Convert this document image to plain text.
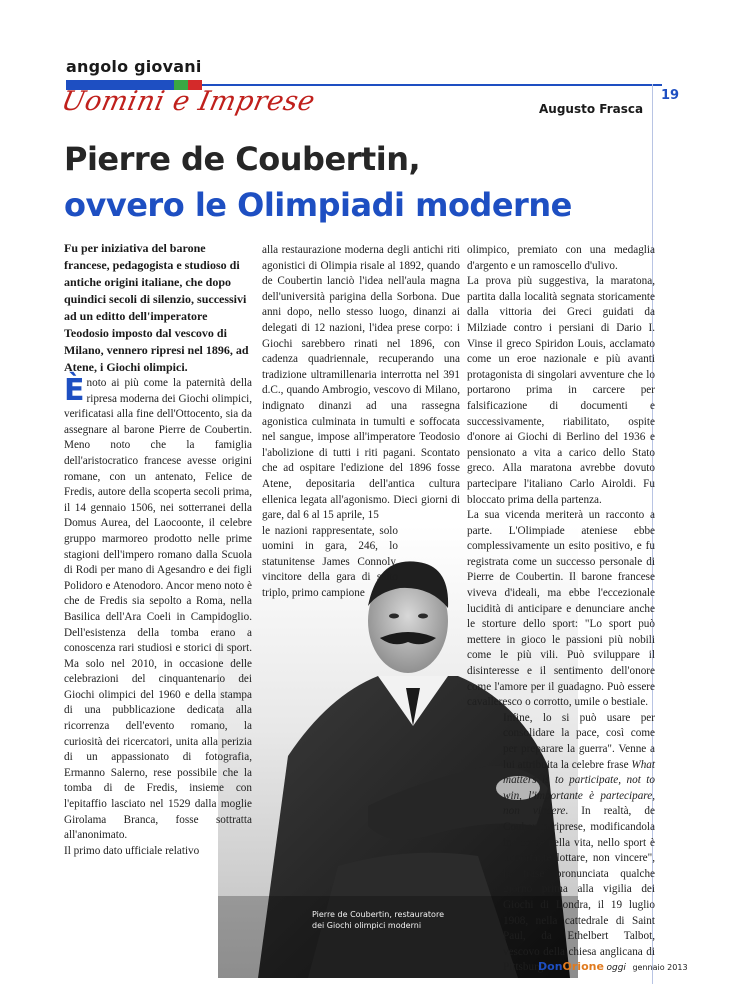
angolo giovani
Uomini e Imprese	Augusto Frasca
19
Pierre de Coubertin,
ovvero le Olimpiadi moderne
Pierre de Coubertin, restauratore dei Giochi olimpici moderni

Fu per iniziativa del barone francese, pedagogista e studioso di antiche origini italiane, che dopo quindici secoli di silenzio, successivi ad un editto dell'imperatore Teodosio imposto dal vescovo di Milano, vennero ripresi nel 1896, ad Atene, i Giochi olimpici.

Ènoto ai più come la paternità della ripresa moderna dei Giochi olimpici, verificatasi alla fine dell'Ottocento, sia da assegnare al barone Pierre de Coubertin. Meno noto che la famiglia dell'aristocratico francese avesse origini romane, con un antenato, Felice de Fredis, autore della scoperta secoli prima, il 14 gennaio 1506, nei sotterranei della Domus Aurea, del Laocoonte, il celebre gruppo marmoreo prodotto nelle prime stagioni dell'impero romano dalla Scuola di Rodi per mano di Agesandro e dei figli Polidoro e Atenodoro. Ancor meno noto è che de Fredis sia sepolto a Roma, nella Basilica dell'Ara Coeli in Campidoglio. Dell'esistenza della tomba erano a conoscenza rari studiosi e storici di sport. Ma solo nel 2010, in occasione delle celebrazioni del cinquantenario dei Giochi olimpici del 1960 e della stampa di una pubblicazione dedicata alla ricorrenza dell'evento romano, la curiosità dei ricercatori, unita alla perizia di un appassionato di fotografia, Ermanno Salerno, rese possibile che la tomba di de Fredis, insieme con l'epitaffio lasciato nel 1529 dalla moglie Girolama Branca, fosse sottratta all'anonimato.

Il primo dato ufficiale relativo

alla restaurazione moderna degli antichi riti agonistici di Olimpia risale al 1892, quando de Coubertin lanciò l'idea nell'aula magna dell'università parigina della Sorbona. Due anni dopo, nello stesso luogo, dinanzi ai delegati di 12 nazioni, l'idea prese corpo: i Giochi sarebbero rinati nel 1896, con cadenza quadriennale, recuperando una tradizione ultramillenaria interrotta nel 391 d.C., quando Ambrogio, vescovo di Milano, indignato dinanzi ad una rassegna agonistica culminata in tumulti e soffocata nel sangue, impose all'imperatore Teodosio l'abolizione di tutti i riti pagani. Scontato che ad ospitare l'edizione del 1896 fosse Atene, depositaria dell'antica cultura ellenica legata all'agonismo. Dieci giorni di gare, dal 6 al 15 aprile, 15

le nazioni rappresentate, solo uomini in gara, 246, lo statunitense James Connoly, vincitore della gara di salto triplo, primo campione

olimpico, premiato con una medaglia d'argento e un ramoscello d'ulivo.

La prova più suggestiva, la maratona, partita dalla località segnata storicamente dalla vittoria dei Greci guidati da Milziade contro i persiani di Dario I. Vinse il greco Spiridon Louis, acclamato come un eroe nazionale e più avanti protagonista di singolari avventure che lo portarono prima in carcere per falsificazione di documenti e successivamente, riabilitato, ospite d'onore ai Giochi di Berlino del 1936 e pensionato a vita a carico dello Stato greco. Alla maratona avrebbe dovuto partecipare l'italiano Carlo Airoldi. Fu bloccato prima della partenza.

La sua vicenda meriterà un racconto a parte. L'Olimpiade ateniese ebbe complessivamente un esito positivo, e fu registrata come un successo personale di Pierre de Coubertin. Il barone francese viveva d'ideali, ma ebbe l'eccezionale lucidità di anticipare e denunciare anche le storture dello sport: "Lo sport può mettere in gioco le passioni più nobili come le più vili. Può sviluppare il disinteresse e il sentimento dell'onore come l'amore per il guadagno. Può essere cavalleresco o corrotto, umile o bestiale.

Infine, lo si può usare per consolidare la pace, così come per preparare la guerra". Venne a lui attribuita la celebre frase What matters is to participate, not to win, l'importante è partecipare, non vincere. In realtà, de Coubertin riprese, modificandola in "come nella vita, nello sport è importante lottare, non vincere", la frase pronunciata qualche giorno prima alla vigilia dei Giochi di Londra, il 19 luglio 1908, nella cattedrale di Saint Paul, da Ethelbert Talbot, vescovo della chiesa anglicana di Pittsburg.

DonOrione oggi gennaio 2013
